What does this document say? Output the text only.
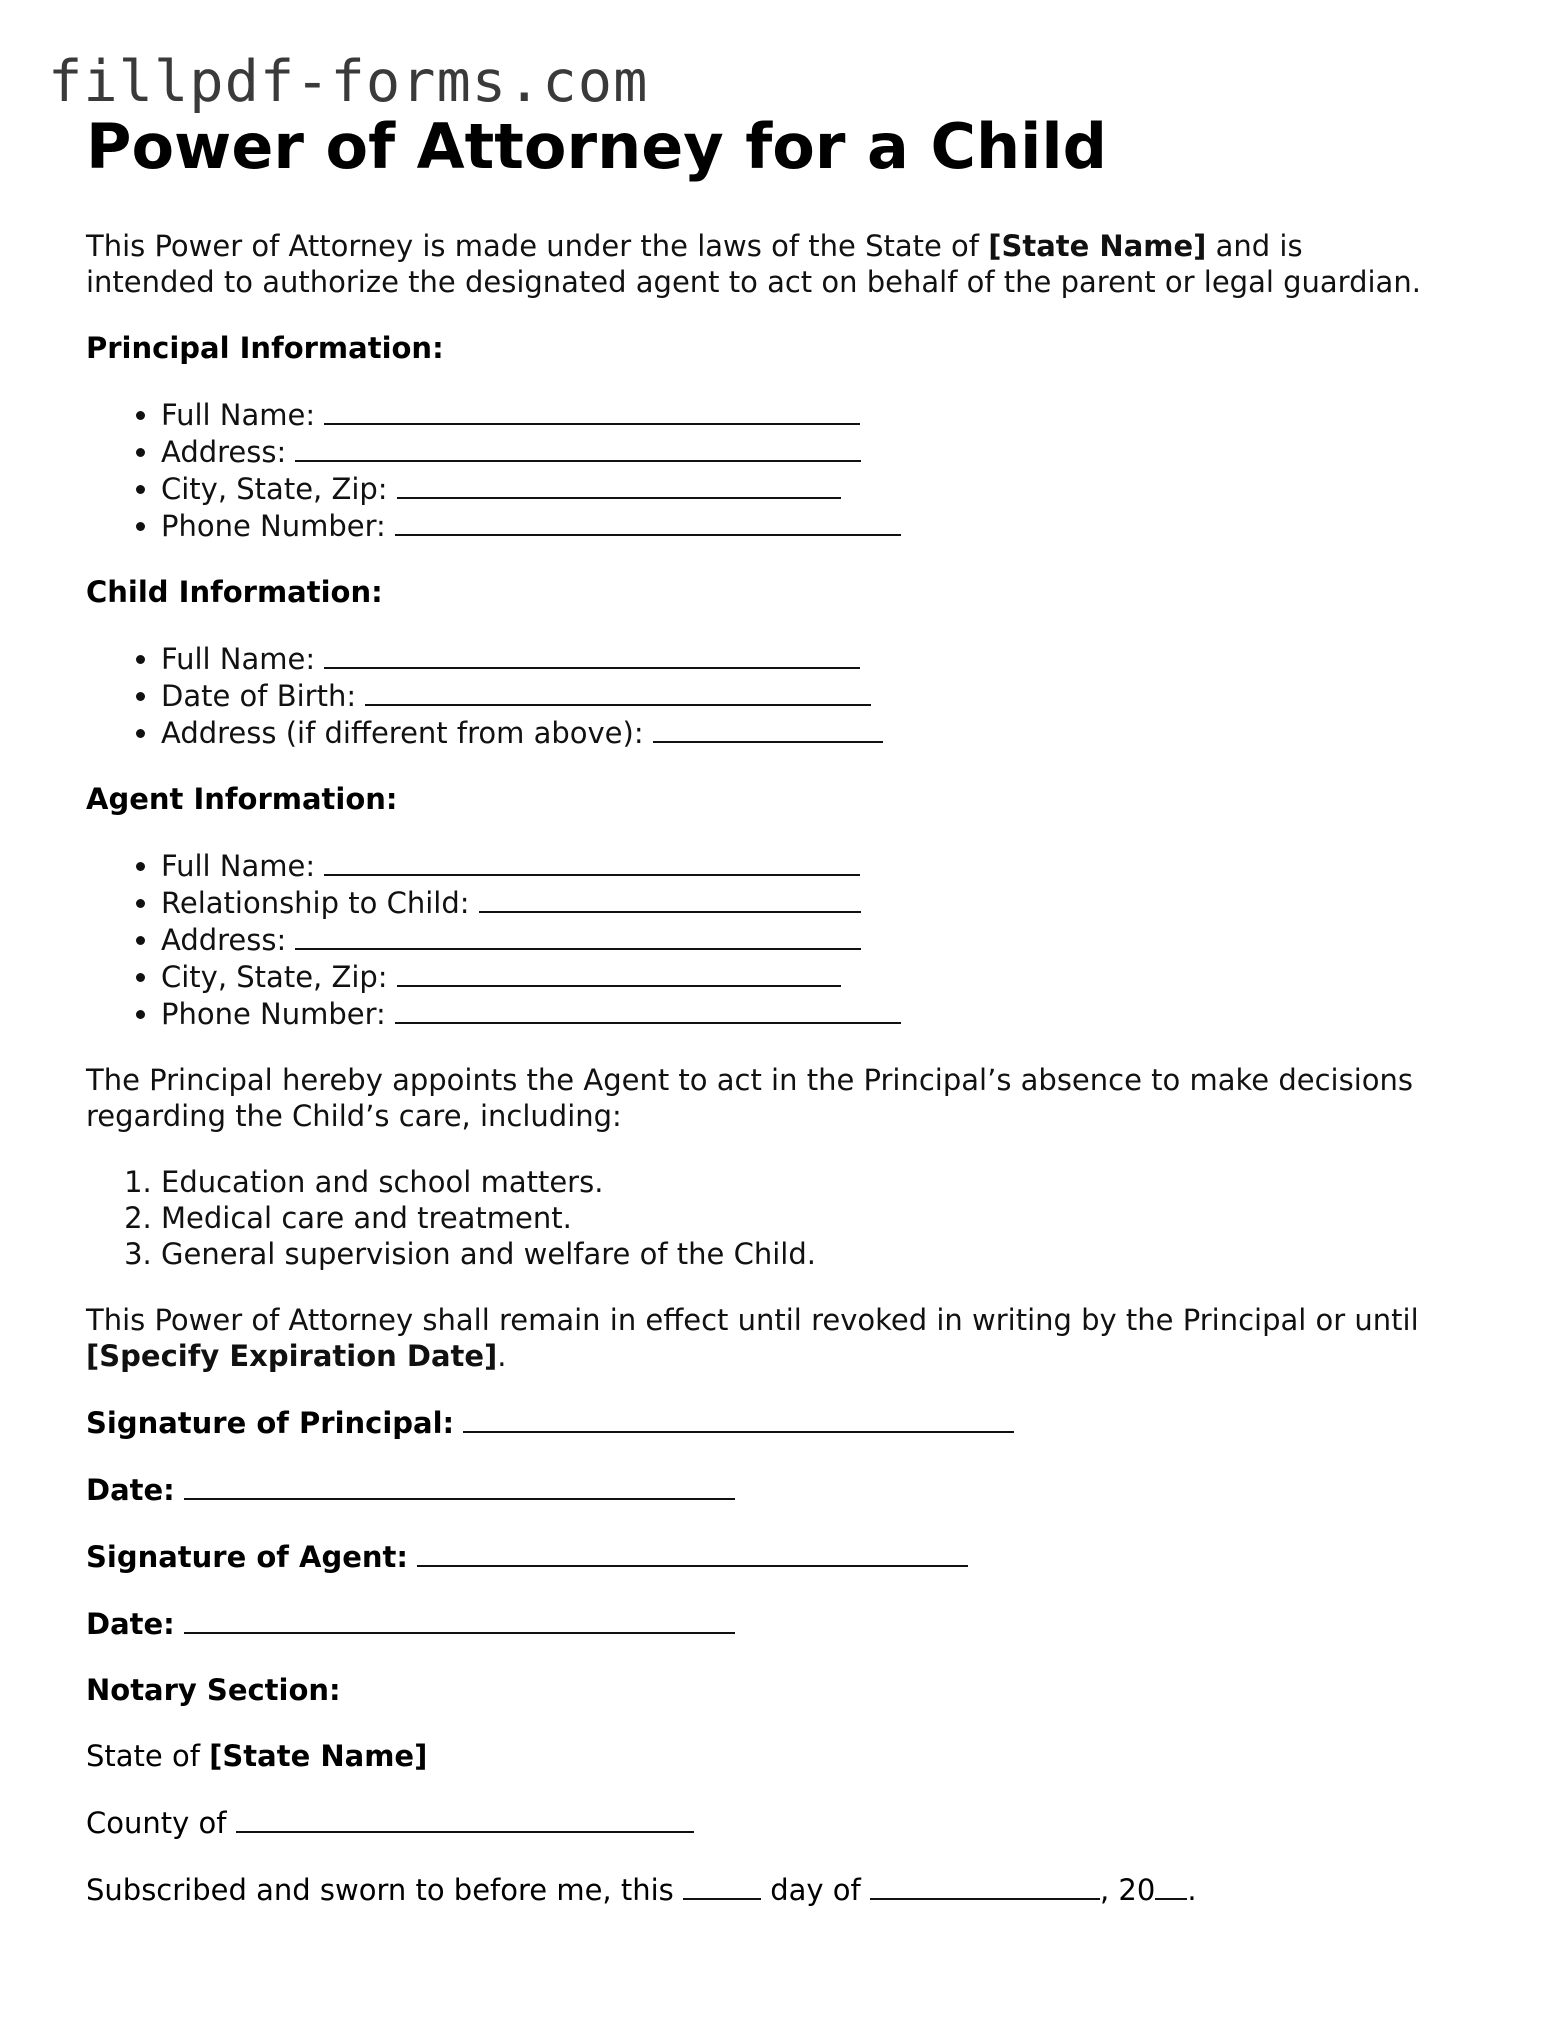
fillpdf-forms.com
Power of Attorney for a Child

This Power of Attorney is made under the laws of the State of [State Name] and is intended to authorize the designated agent to act on behalf of the parent or legal guardian.

Principal Information:

• Full Name:
• Address:
• City, State, Zip:
• Phone Number:

Child Information:

• Full Name:
• Date of Birth:
• Address (if different from above):

Agent Information:

• Full Name:
• Relationship to Child:
• Address:
• City, State, Zip:
• Phone Number:

The Principal hereby appoints the Agent to act in the Principal’s absence to make decisions regarding the Child’s care, including:

1. Education and school matters.
2. Medical care and treatment.
3. General supervision and welfare of the Child.

This Power of Attorney shall remain in effect until revoked in writing by the Principal or until [Specify Expiration Date].

Signature of Principal:

Date:

Signature of Agent:

Date:

Notary Section:

State of [State Name]

County of

Subscribed and sworn to before me, this	day of	, 20 .
